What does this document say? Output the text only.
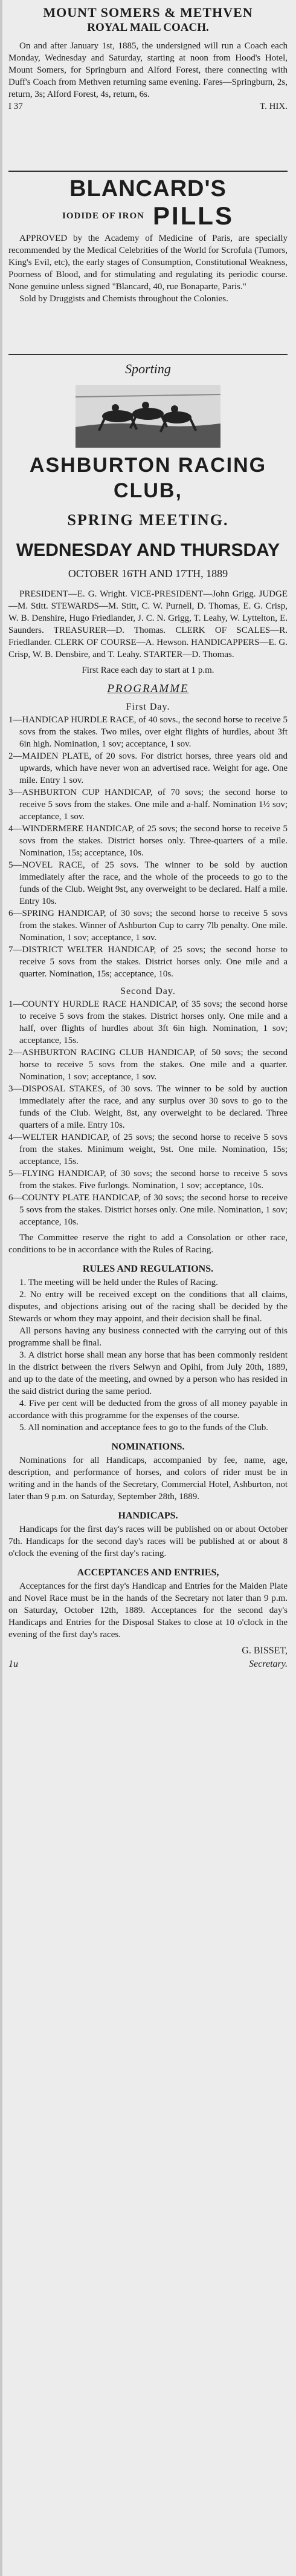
MOUNT SOMERS & METHVEN

ROYAL MAIL COACH.

On and after January 1st, 1885, the undersigned will run a Coach each Monday, Wednesday and Saturday, starting at noon from Hood's Hotel, Mount Somers, for Springburn and Alford Forest, there connecting with Duff's Coach from Methven returning same evening. Fares—Springburn, 2s, return, 3s; Alford Forest, 4s, return, 6s.

I 37	T. HIX.

BLANCARD'S

IODIDE OF IRON PILLS

APPROVED by the Academy of Medicine of Paris, are specially recommended by the Medical Celebrities of the World for Scrofula (Tumors, King's Evil, etc), the early stages of Consumption, Constitutional Weakness, Poorness of Blood, and for stimulating and regulating its periodic course. None genuine unless signed "Blancard, 40, rue Bonaparte, Paris."

Sold by Druggists and Chemists throughout the Colonies.

Sporting

ASHBURTON RACING CLUB,

SPRING MEETING.

WEDNESDAY AND THURSDAY

OCTOBER 16TH AND 17TH, 1889

PRESIDENT—E. G. Wright. VICE-PRESIDENT—John Grigg. JUDGE—M. Stitt. STEWARDS—M. Stitt, C. W. Purnell, D. Thomas, E. G. Crisp, W. B. Denshire, Hugo Friedlander, J. C. N. Grigg, T. Leahy, W. Lyttelton, E. Saunders. TREASURER—D. Thomas. CLERK OF SCALES—R. Friedlander. CLERK OF COURSE—A. Hewson. HANDICAPPERS—E. G. Crisp, W. B. Densbire, and T. Leahy. STARTER—D. Thomas.

First Race each day to start at 1 p.m.

PROGRAMME

First Day.

1—HANDICAP HURDLE RACE, of 40 sovs., the second horse to receive 5 sovs from the stakes. Two miles, over eight flights of hurdles, about 3ft 6in high. Nomination, 1 sov; acceptance, 1 sov.

2—MAIDEN PLATE, of 20 sovs. For district horses, three years old and upwards, which have never won an advertised race. Weight for age. One mile. Entry 1 sov.

3—ASHBURTON CUP HANDICAP, of 70 sovs; the second horse to receive 5 sovs from the stakes. One mile and a-half. Nomination 1½ sov; acceptance, 1 sov.

4—WINDERMERE HANDICAP, of 25 sovs; the second horse to receive 5 sovs from the stakes. District horses only. Three-quarters of a mile. Nomination, 15s; acceptance, 10s.

5—NOVEL RACE, of 25 sovs. The winner to be sold by auction immediately after the race, and the whole of the proceeds to go to the funds of the Club. Weight 9st, any overweight to be declared. Half a mile. Entry 10s.

6—SPRING HANDICAP, of 30 sovs; the second horse to receive 5 sovs from the stakes. Winner of Ashburton Cup to carry 7lb penalty. One mile. Nomination, 1 sov; acceptance, 1 sov.

7—DISTRICT WELTER HANDICAP, of 25 sovs; the second horse to receive 5 sovs from the stakes. District horses only. One mile and a quarter. Nomination, 15s; acceptance, 10s.

Second Day.

1—COUNTY HURDLE RACE HANDICAP, of 35 sovs; the second horse to receive 5 sovs from the stakes. District horses only. One mile and a half, over flights of hurdles about 3ft 6in high. Nomination, 1 sov; acceptance, 15s.

2—ASHBURTON RACING CLUB HANDICAP, of 50 sovs; the second horse to receive 5 sovs from the stakes. One mile and a quarter. Nomination, 1 sov; acceptance, 1 sov.

3—DISPOSAL STAKES, of 30 sovs. The winner to be sold by auction immediately after the race, and any surplus over 30 sovs to go to the funds of the Club. Weight, 8st, any overweight to be declared. Three quarters of a mile. Entry 10s.

4—WELTER HANDICAP, of 25 sovs; the second horse to receive 5 sovs from the stakes. Minimum weight, 9st. One mile. Nomination, 15s; acceptance, 15s.

5—FLYING HANDICAP, of 30 sovs; the second horse to receive 5 sovs from the stakes. Five furlongs. Nomination, 1 sov; acceptance, 10s.

6—COUNTY PLATE HANDICAP, of 30 sovs; the second horse to receive 5 sovs from the stakes. District horses only. One mile. Nomination, 1 sov; acceptance, 10s.

The Committee reserve the right to add a Consolation or other race, conditions to be in accordance with the Rules of Racing.

RULES AND REGULATIONS.

1. The meeting will be held under the Rules of Racing.

2. No entry will be received except on the conditions that all claims, disputes, and objections arising out of the racing shall be decided by the Stewards or whom they may appoint, and their decision shall be final.

All persons having any business connected with the carrying out of this programme shall be final.

3. A district horse shall mean any horse that has been commonly resident in the district between the rivers Selwyn and Opihi, from July 20th, 1889, and up to the date of the meeting, and owned by a person who has resided in the said district during the same period.

4. Five per cent will be deducted from the gross of all money payable in accordance with this programme for the expenses of the course.

5. All nomination and acceptance fees to go to the funds of the Club.

NOMINATIONS.

Nominations for all Handicaps, accompanied by fee, name, age, description, and performance of horses, and colors of rider must be in writing and in the hands of the Secretary, Commercial Hotel, Ashburton, not later than 9 p.m. on Saturday, September 28th, 1889.

HANDICAPS.

Handicaps for the first day's races will be published on or about October 7th. Handicaps for the second day's races will be published at or about 8 o'clock the evening of the first day's racing.

ACCEPTANCES AND ENTRIES,

Acceptances for the first day's Handicap and Entries for the Maiden Plate and Novel Race must be in the hands of the Secretary not later than 9 p.m. on Saturday, October 12th, 1889. Acceptances for the second day's Handicaps and Entries for the Disposal Stakes to close at 10 o'clock in the evening of the first day's races.

G. BISSET,
1u	Secretary.
